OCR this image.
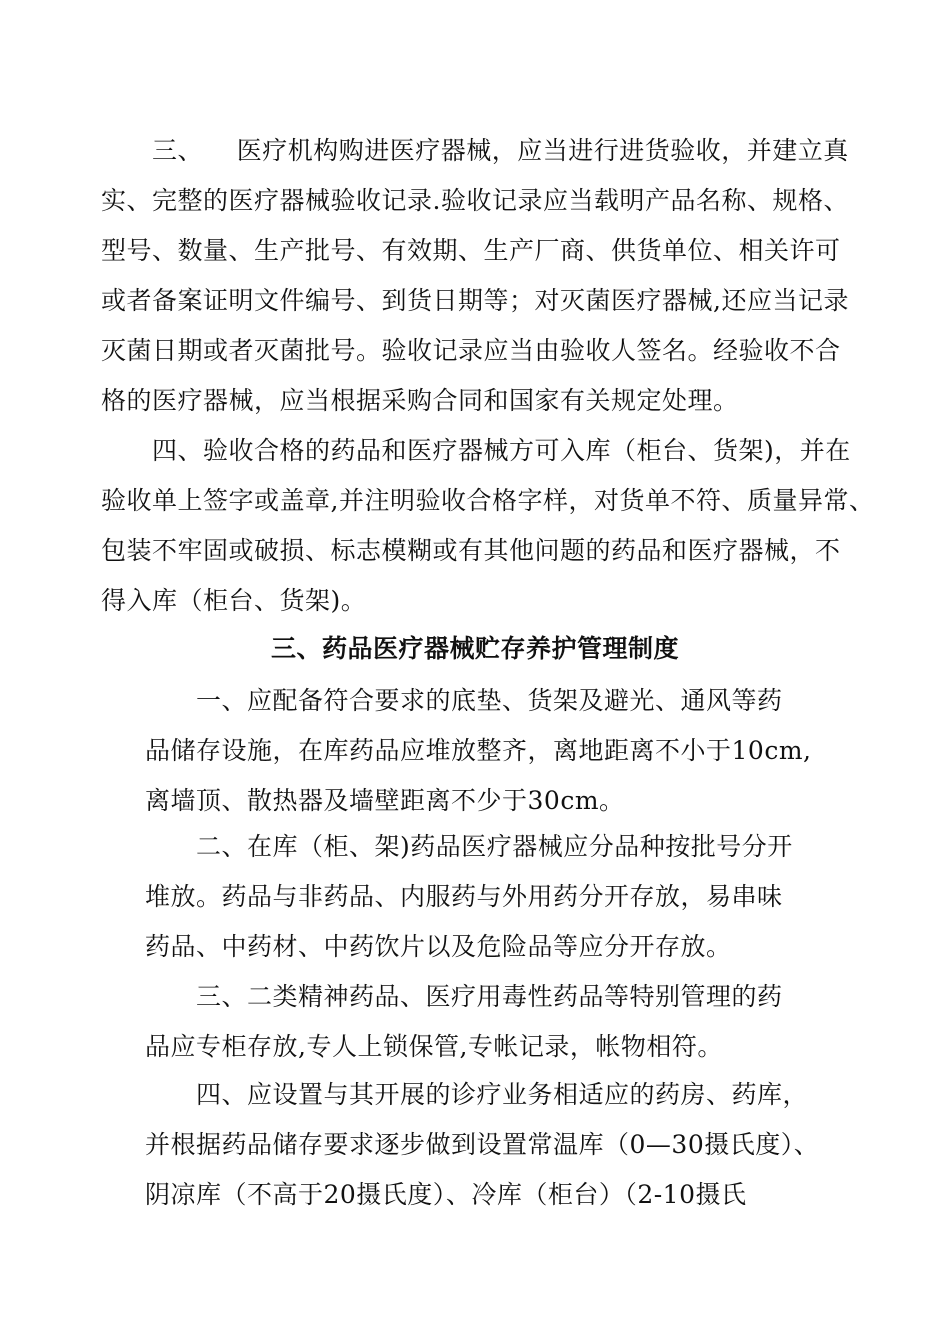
三、    医疗机构购进医疗器械，应当进行进货验收，并建立真
实、完整的医疗器械验收记录.验收记录应当载明产品名称、规格、
型号、数量、生产批号、有效期、生产厂商、供货单位、相关许可
或者备案证明文件编号、到货日期等；对灭菌医疗器械,还应当记录
灭菌日期或者灭菌批号。验收记录应当由验收人签名。经验收不合
格的医疗器械，应当根据采购合同和国家有关规定处理。
四、验收合格的药品和医疗器械方可入库（柜台、货架)，并在
验收单上签字或盖章,并注明验收合格字样，对货单不符、质量异常、
包装不牢固或破损、标志模糊或有其他问题的药品和医疗器械，不
得入库（柜台、货架)。
三、药品医疗器械贮存养护管理制度
一、应配备符合要求的底垫、货架及避光、通风等药
品储存设施，在库药品应堆放整齐，离地距离不小于10cm,
离墙顶、散热器及墙壁距离不少于30cm。
二、在库（柜、架)药品医疗器械应分品种按批号分开
堆放。药品与非药品、内服药与外用药分开存放，易串味
药品、中药材、中药饮片以及危险品等应分开存放。
三、二类精神药品、医疗用毒性药品等特别管理的药
品应专柜存放,专人上锁保管,专帐记录，帐物相符。
四、应设置与其开展的诊疗业务相适应的药房、药库，
并根据药品储存要求逐步做到设置常温库（0—30摄氏度）、
阴凉库（不高于20摄氏度）、冷库（柜台）（2-10摄氏
